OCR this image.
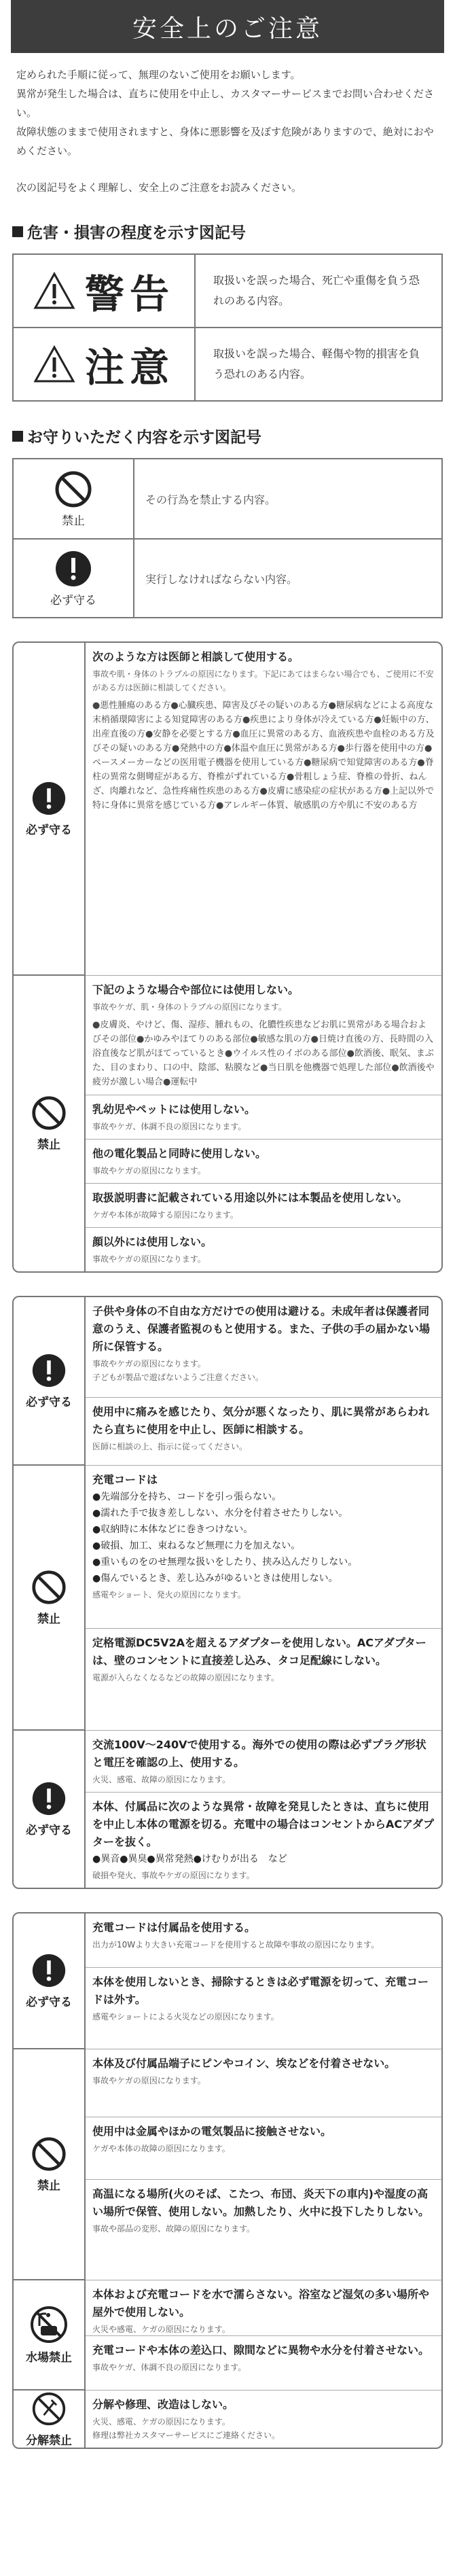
安全上のご注意

定められた手順に従って、無理のないご使用をお願いします。

異常が発生した場合は、直ちに使用を中止し、カスタマーサービスまでお問い合わせください。

故障状態のままで使用されますと、身体に悪影響を及ぼす危険がありますので、絶対におやめください。

次の図記号をよく理解し、安全上のご注意をお読みください。

危害・損害の程度を示す図記号
警告	取扱いを誤った場合、死亡や重傷を負う恐れのある内容。
注意	取扱いを誤った場合、軽傷や物的損害を負う恐れのある内容。
お守りいただく内容を示す図記号
禁止
その行為を禁止する内容。
必ず守る
実行しなければならない内容。
必ず守る
禁止
次のような方は医師と相談して使用する。
事故や肌・身体のトラブルの原因になります。下記にあてはまらない場合でも、ご使用に不安がある方は医師に相談してください。
●悪性腫瘍のある方●心臓疾患、障害及びその疑いのある方●糖尿病などによる高度な末梢循環障害による知覚障害のある方●疾患により身体が冷えている方●妊娠中の方、出産直後の方●安静を必要とする方●血圧に異常のある方、血液疾患や血栓のある方及びその疑いのある方●発熱中の方●体温や血圧に異常がある方●歩行器を使用中の方●ペースメーカーなどの医用電子機器を使用している方●糖尿病で知覚障害のある方●脊柱の異常な側彎症がある方、脊椎がずれている方●骨粗しょう症、脊椎の骨折、ねんざ、肉離れなど、急性疼痛性疾患のある方●皮膚に感染症の症状がある方●上記以外で特に身体に異常を感じている方●アレルギー体質、敏感肌の方や肌に不安のある方
下記のような場合や部位には使用しない。
事故やケガ、肌・身体のトラブルの原因になります。
●皮膚炎、やけど、傷、湿疹、腫れもの、化膿性疾患などお肌に異常がある場合およびその部位●かゆみやほてりのある部位●敏感な肌の方●日焼け直後の方、長時間の入浴直後など肌がほてっているとき●ウイルス性のイボのある部位●飲酒後、眠気、まぶた、目のまわり、口の中、陰部、粘膜など●当日肌を他機器で処理した部位●飲酒後や疲労が激しい場合●運転中
乳幼児やペットには使用しない。
事故やケガ、体調不良の原因になります。
他の電化製品と同時に使用しない。
事故やケガの原因になります。
取扱説明書に記載されている用途以外には本製品を使用しない。
ケガや本体が故障する原因になります。
顔以外には使用しない。
事故やケガの原因になります。
必ず守る
禁止
必ず守る
子供や身体の不自由な方だけでの使用は避ける。未成年者は保護者同意のうえ、保護者監視のもと使用する。また、子供の手の届かない場所に保管する。
事故やケガの原因になります。
子どもが製品で遊ばないようご注意ください。
使用中に痛みを感じたり、気分が悪くなったり、肌に異常があらわれたら直ちに使用を中止し、医師に相談する。
医師に相談の上、指示に従ってください。
充電コードは
●先端部分を持ち、コードを引っ張らない。
●濡れた手で抜き差ししない、水分を付着させたりしない。
●収納時に本体などに巻きつけない。
●破損、加工、束ねるなど無理に力を加えない。
●重いものをのせ無理な扱いをしたり、挟み込んだりしない。
●傷んでいるとき、差し込みがゆるいときは使用しない。
感電やショート、発火の原因になります。
定格電源DC5V2Aを超えるアダプターを使用しない。ACアダプターは、壁のコンセントに直接差し込み、タコ足配線にしない。
電源が入らなくなるなどの故障の原因になります。
交流100V〜240Vで使用する。海外での使用の際は必ずプラグ形状と電圧を確認の上、使用する。
火災、感電、故障の原因になります。
本体、付属品に次のような異常・故障を発見したときは、直ちに使用を中止し本体の電源を切る。充電中の場合はコンセントからACアダプターを抜く。
●異音●異臭●異常発熱●けむりが出る　など
破損や発火、事故やケガの原因になります。
必ず守る
禁止
水場禁止
分解禁止
充電コードは付属品を使用する。
出力が10Wより大きい充電コードを使用すると故障や事故の原因になります。
本体を使用しないとき、掃除するときは必ず電源を切って、充電コードは外す。
感電やショートによる火災などの原因になります。
本体及び付属品端子にピンやコイン、埃などを付着させない。
事故やケガの原因になります。
使用中は金属やほかの電気製品に接触させない。
ケガや本体の故障の原因になります。
高温になる場所(火のそば、こたつ、布団、炎天下の車内)や湿度の高い場所で保管、使用しない。加熱したり、火中に投下したりしない。
事故や部品の変形、故障の原因になります。
本体および充電コードを水で濡らさない。浴室など湿気の多い場所や屋外で使用しない。
火災や感電、ケガの原因になります。
充電コードや本体の差込口、隙間などに異物や水分を付着させない。
事故やケガ、体調不良の原因になります。
分解や修理、改造はしない。
火災、感電、ケガの原因になります。
修理は弊社カスタマーサービスにご連絡ください。
